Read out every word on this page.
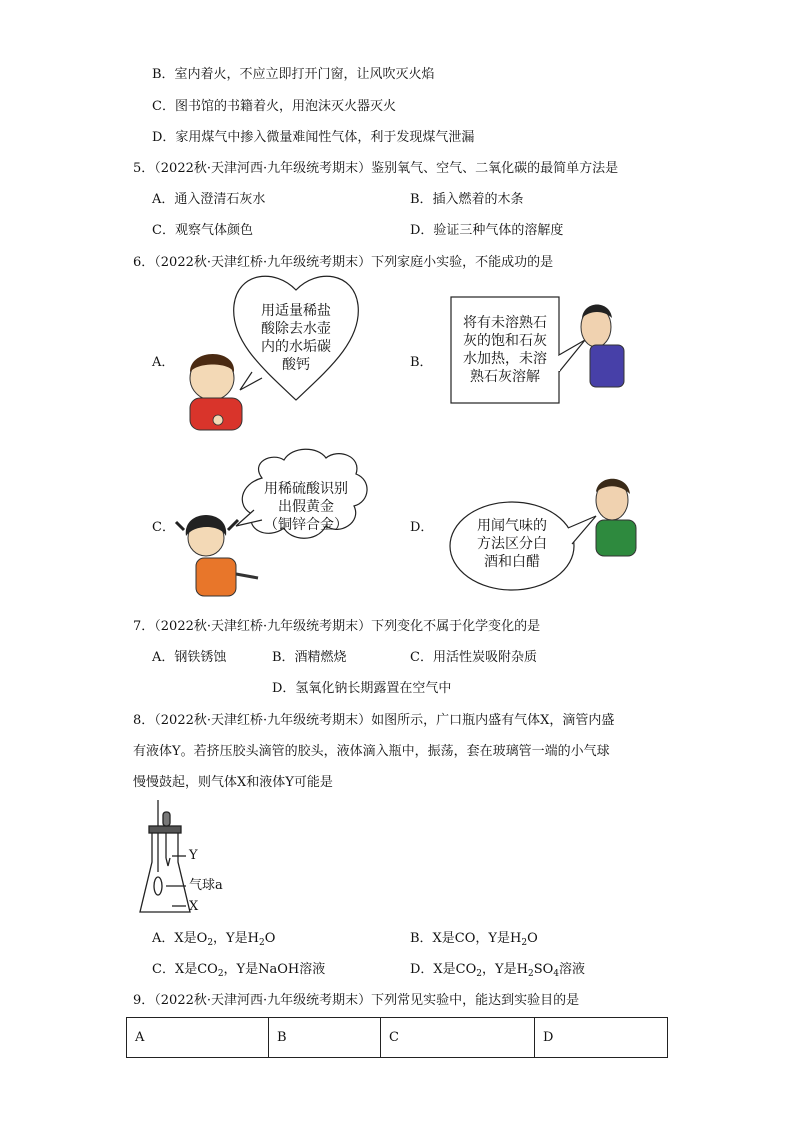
B．室内着火，不应立即打开门窗，让风吹灭火焰
C．图书馆的书籍着火，用泡沫灭火器灭火
D．家用煤气中掺入微量难闻性气体，利于发现煤气泄漏
5．（2022秋·天津河西·九年级统考期末）鉴别氧气、空气、二氧化碳的最简单方法是
A．通入澄清石灰水	B．插入燃着的木条
C．观察气体颜色	D．验证三种气体的溶解度
6．（2022秋·天津红桥·九年级统考期末）下列家庭小实验，不能成功的是
A．
用适量稀盐
酸除去水壶
内的水垢碳
酸钙	B．
将有未溶熟石
灰的饱和石灰
水加热，未溶
熟石灰溶解
C．
用稀硫酸识别
出假黄金
（铜锌合金）	D．	用闻气味的
方法区分白
酒和白醋
7．（2022秋·天津红桥·九年级统考期末）下列变化不属于化学变化的是
A．钢铁锈蚀	B．酒精燃烧	C．用活性炭吸附杂质
D．氢氧化钠长期露置在空气中
8．（2022秋·天津红桥·九年级统考期末）如图所示，广口瓶内盛有气体X，滴管内盛
有液体Y。若挤压胶头滴管的胶头，液体滴入瓶中，振荡，套在玻璃管一端的小气球
慢慢鼓起，则气体X和液体Y可能是
Y
气球a
X
A．X是$O_2$，Y是$H_2O$	B．X是CO，Y是$H_2O$
C．X是$CO_2$，Y是NaOH溶液	D．X是$CO_2$，Y是$H_2SO_4$溶液
9．（2022秋·天津河西·九年级统考期末）下列常见实验中，能达到实验目的是
A	B	C	D
